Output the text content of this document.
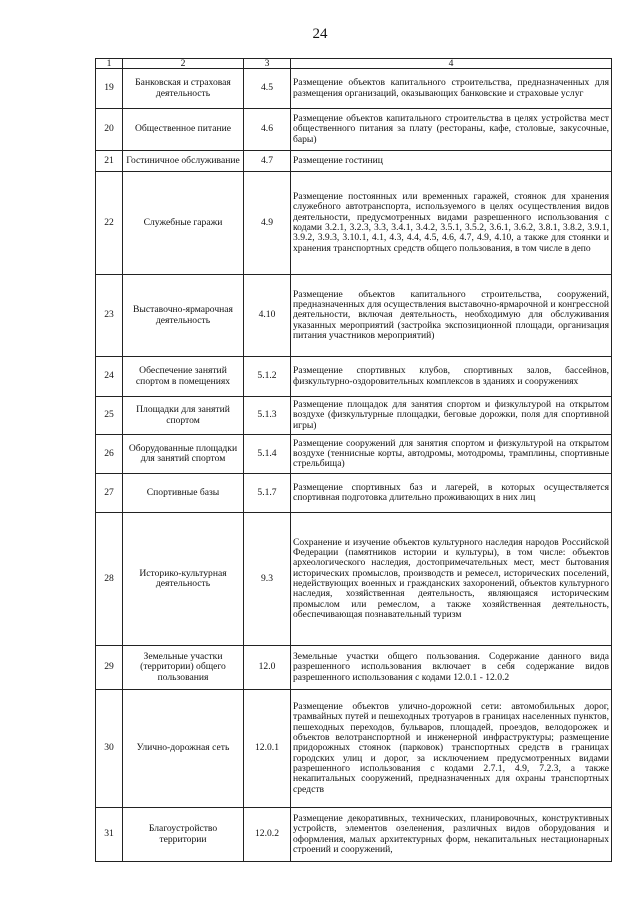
24
1	2	3	4
19	Банковская и страховая деятельность	4.5	Размещение объектов капитального строительства, предназначенных для размещения организаций, оказывающих банковские и страховые услуг
20	Общественное питание	4.6	Размещение объектов капитального строительства в целях устройства мест общественного питания за плату (рестораны, кафе, столовые, закусочные, бары)
21	Гостиничное обслуживание	4.7	Размещение гостиниц
22	Служебные гаражи	4.9	Размещение постоянных или временных гаражей, стоянок для хранения служебного автотранспорта, используемого в целях осуществления видов деятельности, предусмотренных видами разрешенного использования с кодами 3.2.1, 3.2.3, 3.3, 3.4.1, 3.4.2, 3.5.1, 3.5.2, 3.6.1, 3.6.2, 3.8.1, 3.8.2, 3.9.1, 3.9.2, 3.9.3, 3.10.1, 4.1, 4.3, 4.4, 4.5, 4.6, 4.7, 4.9, 4.10, а также для стоянки и хранения транспортных средств общего пользования, в том числе в депо
23	Выставочно-ярмарочная деятельность	4.10	Размещение объектов капитального строительства, сооружений, предназначенных для осуществления выставочно-ярмарочной и конгрессной деятельности, включая деятельность, необходимую для обслуживания указанных мероприятий (застройка экспозиционной площади, организация питания участников мероприятий)
24	Обеспечение занятий спортом в помещениях	5.1.2	Размещение спортивных клубов, спортивных залов, бассейнов, физкультурно-оздоровительных комплексов в зданиях и сооружениях
25	Площадки для занятий спортом	5.1.3	Размещение площадок для занятия спортом и физкультурой на открытом воздухе (физкультурные площадки, беговые дорожки, поля для спортивной игры)
26	Оборудованные площадки для занятий спортом	5.1.4	Размещение сооружений для занятия спортом и физкультурой на открытом воздухе (теннисные корты, автодромы, мотодромы, трамплины, спортивные стрельбища)
27	Спортивные базы	5.1.7	Размещение спортивных баз и лагерей, в которых осуществляется спортивная подготовка длительно проживающих в них лиц
28	Историко-культурная деятельность	9.3	Сохранение и изучение объектов культурного наследия народов Российской Федерации (памятников истории и культуры), в том числе: объектов археологического наследия, достопримечательных мест, мест бытования исторических промыслов, производств и ремесел, исторических поселений, недействующих военных и гражданских захоронений, объектов культурного наследия, хозяйственная деятельность, являющаяся историческим промыслом или ремеслом, а также хозяйственная деятельность, обеспечивающая познавательный туризм
29	Земельные участки (территории) общего пользования	12.0	Земельные участки общего пользования. Содержание данного вида разрешенного использования включает в себя содержание видов разрешенного использования с кодами 12.0.1 - 12.0.2
30	Улично-дорожная сеть	12.0.1	Размещение объектов улично-дорожной сети: автомобильных дорог, трамвайных путей и пешеходных тротуаров в границах населенных пунктов, пешеходных переходов, бульваров, площадей, проездов, велодорожек и объектов велотранспортной и инженерной инфраструктуры; размещение придорожных стоянок (парковок) транспортных средств в границах городских улиц и дорог, за исключением предусмотренных видами разрешенного использования с кодами 2.7.1, 4.9, 7.2.3, а также некапитальных сооружений, предназначенных для охраны транспортных средств
31	Благоустройство территории	12.0.2	Размещение декоративных, технических, планировочных, конструктивных устройств, элементов озеленения, различных видов оборудования и оформления, малых архитектурных форм, некапитальных нестационарных строений и сооружений,
